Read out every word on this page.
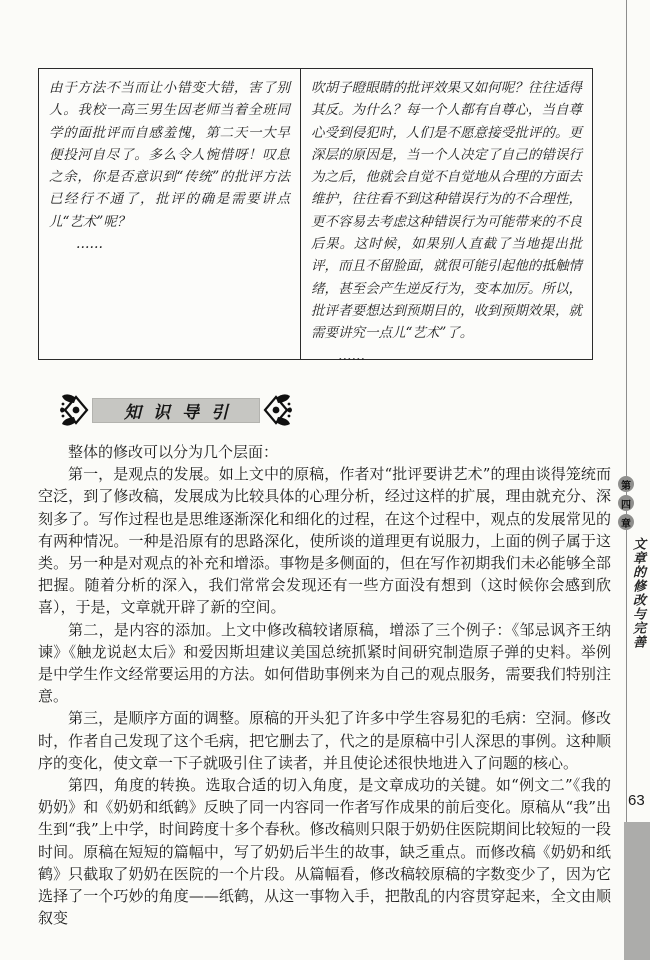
由于方法不当而让小错变大错，害了别人。我校一高三男生因老师当着全班同学的面批评而自感羞愧，第二天一大早便投河自尽了。多么令人惋惜呀！叹息之余，你是否意识到“传统”的批评方法已经行不通了，批评的确是需要讲点儿“艺术”呢？
……
吹胡子瞪眼睛的批评效果又如何呢？往往适得其反。为什么？每一个人都有自尊心，当自尊心受到侵犯时，人们是不愿意接受批评的。更深层的原因是，当一个人决定了自己的错误行为之后，他就会自觉不自觉地从合理的方面去维护，往往看不到这种错误行为的不合理性，更不容易去考虑这种错误行为可能带来的不良后果。这时候，如果别人直截了当地提出批评，而且不留脸面，就很可能引起他的抵触情绪，甚至会产生逆反行为，变本加厉。所以，批评者要想达到预期目的，收到预期效果，就需要讲究一点儿“艺术”了。
……
知识导引

整体的修改可以分为几个层面：

第一，是观点的发展。如上文中的原稿，作者对“批评要讲艺术”的理由谈得笼统而空泛，到了修改稿，发展成为比较具体的心理分析，经过这样的扩展，理由就充分、深刻多了。写作过程也是思维逐渐深化和细化的过程，在这个过程中，观点的发展常见的有两种情况。一种是沿原有的思路深化，使所谈的道理更有说服力，上面的例子属于这类。另一种是对观点的补充和增添。事物是多侧面的，但在写作初期我们未必能够全部把握。随着分析的深入，我们常常会发现还有一些方面没有想到（这时候你会感到欣喜），于是，文章就开辟了新的空间。

第二，是内容的添加。上文中修改稿较诸原稿，增添了三个例子：《邹忌讽齐王纳谏》《触龙说赵太后》和爱因斯坦建议美国总统抓紧时间研究制造原子弹的史料。举例是中学生作文经常要运用的方法。如何借助事例来为自己的观点服务，需要我们特别注意。

第三，是顺序方面的调整。原稿的开头犯了许多中学生容易犯的毛病：空洞。修改时，作者自己发现了这个毛病，把它删去了，代之的是原稿中引人深思的事例。这种顺序的变化，使文章一下子就吸引住了读者，并且使论述很快地进入了问题的核心。

第四，角度的转换。选取合适的切入角度，是文章成功的关键。如“例文二”《我的奶奶》和《奶奶和纸鹤》反映了同一内容同一作者写作成果的前后变化。原稿从“我”出生到“我”上中学，时间跨度十多个春秋。修改稿则只限于奶奶住医院期间比较短的一段时间。原稿在短短的篇幅中，写了奶奶后半生的故事，缺乏重点。而修改稿《奶奶和纸鹤》只截取了奶奶在医院的一个片段。从篇幅看，修改稿较原稿的字数变少了，因为它选择了一个巧妙的角度——纸鹤，从这一事物入手，把散乱的内容贯穿起来，全文由顺叙变

第
四
章
文章的修改与完善
63
